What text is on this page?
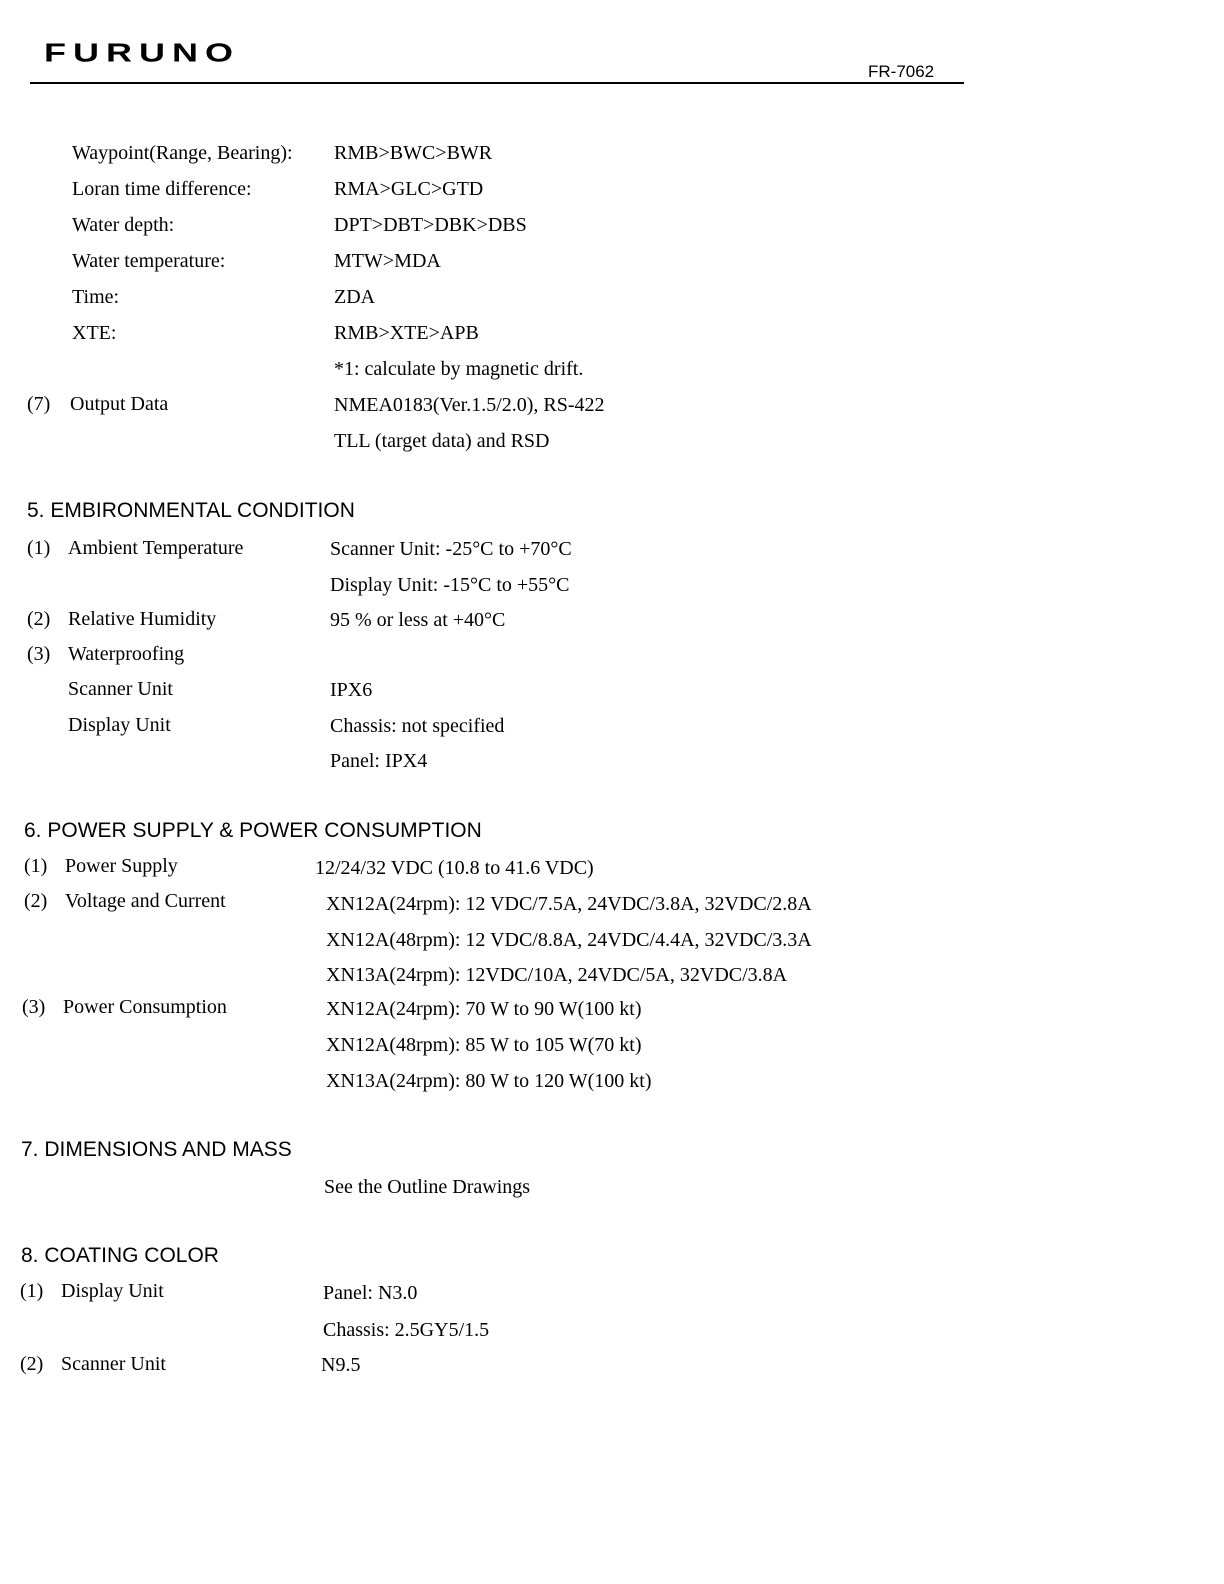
FURUNO
FR-7062
Waypoint(Range, Bearing): RMB>BWC>BWR
Loran time difference:	RMA>GLC>GTD
Water depth:	DPT>DBT>DBK>DBS
Water temperature:	MTW>MDA
Time:	ZDA
XTE:	RMB>XTE>APB
*1: calculate by magnetic drift.
(7) Output Data	NMEA0183(Ver.1.5/2.0), RS-422
TLL (target data) and RSD
5. EMBIRONMENTAL CONDITION
(1) Ambient Temperature	Scanner Unit: -25°C to +70°C
Display Unit: -15°C to +55°C
(2) Relative Humidity	95 % or less at +40°C
(3) Waterproofing
Scanner Unit	IPX6
Display Unit	Chassis: not specified
Panel: IPX4
6. POWER SUPPLY & POWER CONSUMPTION
(1) Power Supply	12/24/32 VDC (10.8 to 41.6 VDC)
(2) Voltage and Current	XN12A(24rpm): 12 VDC/7.5A, 24VDC/3.8A, 32VDC/2.8A
XN12A(48rpm): 12 VDC/8.8A, 24VDC/4.4A, 32VDC/3.3A
XN13A(24rpm): 12VDC/10A, 24VDC/5A, 32VDC/3.8A
(3) Power Consumption	XN12A(24rpm): 70 W to 90 W(100 kt)
XN12A(48rpm): 85 W to 105 W(70 kt)
XN13A(24rpm): 80 W to 120 W(100 kt)
7. DIMENSIONS AND MASS
See the Outline Drawings
8. COATING COLOR
(1) Display Unit	Panel: N3.0
Chassis: 2.5GY5/1.5
(2) Scanner Unit	N9.5
